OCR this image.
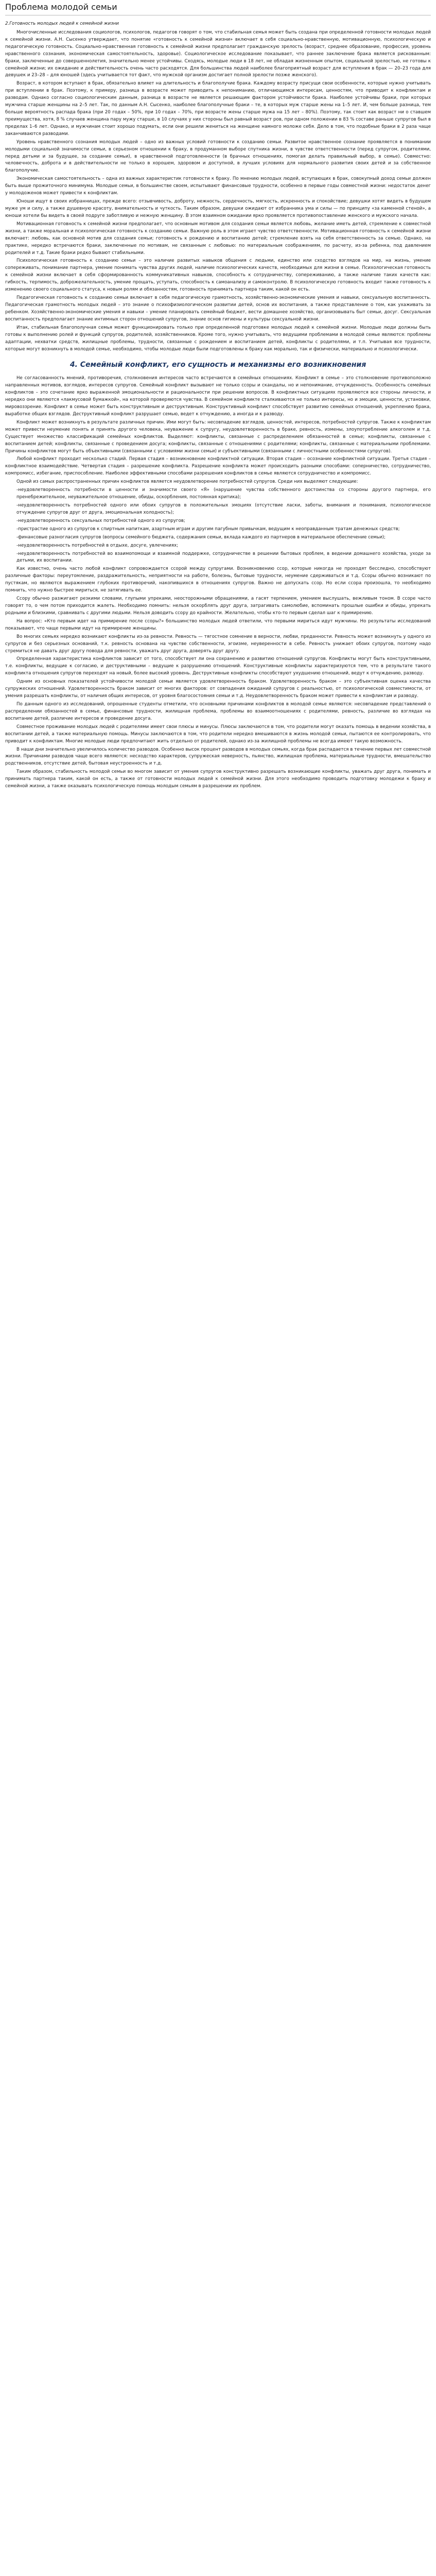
Проблема молодой семьи
2.Готовность молодых людей к семейной жизни

Многочисленные исследования социологов, психологов, педагогов говорят о том, что стабильная семья может быть создана при определенной готовности молодых людей к семейной жизни. А.Н. Сысенко утверждает, что понятие «готовность к семейной жизни» включает в себя социально-нравственную, мотивационную, психологическую и педагогическую готовность. Социально-нравственная готовность к семейной жизни предполагает гражданскую зрелость (возраст, среднее образование, профессия, уровень нравственного сознания, экономическая самостоятельность, здоровье). Социологическое исследование показывает, что раннее заключение брака является рискованным: браки, заключенные до совершеннолетия, значительно менее устойчивы. Сходясь, молодые люди в 18 лет, не обладая жизненным опытом, социальной зрелостью, не готовы к семейной жизни; их ожидание и действительность очень часто расходятся. Для большинства людей наиболее благоприятный возраст для вступления в брак — 20–23 года для девушек и 23–28 – для юношей (здесь учитывается тот факт, что мужской организм достигает полной зрелости позже женского).

Возраст, в котором вступают в брак, обязательно влияет на длительность и благополучие брака. Каждому возрасту присущи свои особенности, которые нужно учитывать при вступлении в брак. Поэтому, к примеру, разница в возрасте может приводить к непониманию, отличающимся интересам, ценностям, что приводит к конфликтам и разводам. Однако согласно социологическим данным, разница в возрасте не является решающим фактором устойчивости брака. Наиболее устойчивы браки, при которых мужчина старше женщины на 2–5 лет. Так, по данным А.Н. Сысенко, наиболее благополучные браки – те, в которых муж старше жены на 1–5 лет. И, чем больше разница, тем больше вероятность распада брака (при 20 годах – 50%, при 10 годах – 70%, при возрасте жены старше мужа на 15 лет – 80%). Поэтому, так стоит как возраст ни о ставшем преимущества, хотя, 8 % случаев женщина пару мужу старше, в 10 случаях у них стороны был равный возраст ров, при одном положении в 83 % составе раньше супругов был в пределах 1–6 лет. Однако, и мужчинам стоит хорошо подумать, если они решили жениться на женщине намного моложе себя. Дело в том, что подобные браки в 2 раза чаще заканчиваются разводами.

Уровень нравственного сознания молодых людей – одно из важных условий готовности к созданию семьи. Развитое нравственное сознание проявляется в понимании молодыми социальной значимости семьи, в серьезном отношении к браку, в продуманном выборе спутника жизни, в чувстве ответственности (перед супругом, родителями, перед детьми и за будущее, за создание семьи), в нравственной подготовленности (в брачных отношениях, помогая делать правильный выбор, в семье). Совместно: человечность, доброта и в действительности не только в хорошем, здоровом и доступной, в лучших условиях для нормального развития своих детей и за собственное благополучие.

Экономическая самостоятельность – одна из важных характеристик готовности к браку. По мнению молодых людей, вступающих в брак, совокупный доход семьи должен быть выше прожиточного минимума. Молодые семьи, в большинстве своем, испытывают финансовые трудности, особенно в первые годы совместной жизни: недостаток денег у молодоженов может привести к конфликтам.

Юноши ищут в своих избранницах, прежде всего: отзывчивость, доброту, нежность, сердечность, мягкость, искренность и спокойствие; девушки хотят видеть в будущем муже ум и силу, а также душевную красоту, внимательность и чуткость. Таким образом, девушки ожидают от избранника ума и силы — по принципу «за каменной стеной», а юноши хотели бы видеть в своей подруге заботливую и нежную женщину. В этом взаимном ожидании ярко проявляется противопоставление женского и мужского начала.

Мотивационная готовность к семейной жизни предполагает, что основным мотивом для создания семьи является любовь, желание иметь детей, стремление к совместной жизни, а также моральная и психологическая готовность к созданию семьи. Важную роль в этом играет чувство ответственности. Мотивационная готовность к семейной жизни включает: любовь, как основной мотив для создания семьи; готовность к рождению и воспитанию детей; стремление взять на себя ответственность за семью. Однако, на практике, нередко встречаются браки, заключенные по мотивам, не связанным с любовью: по материальным соображениям, по расчету, из-за ребенка, под давлением родителей и т.д. Такие браки редко бывают стабильными.

Психологическая готовность к созданию семьи – это наличие развитых навыков общения с людьми, единство или сходство взглядов на мир, на жизнь, умение сопереживать, понимание партнера, умение понимать чувства других людей, наличие психологических качеств, необходимых для жизни в семье. Психологическая готовность к семейной жизни включает в себя сформированность коммуникативных навыков, способность к сотрудничеству, сопереживанию, а также наличие таких качеств как: гибкость, терпимость, доброжелательность, умение прощать, уступать, способность к самоанализу и самоконтролю. В психологическую готовность входит также готовность к изменению своего социального статуса, к новым ролям и обязанностям, готовность принимать партнера таким, какой он есть.

Педагогическая готовность к созданию семьи включает в себя педагогическую грамотность, хозяйственно-экономические умения и навыки, сексуальную воспитанность. Педагогическая грамотность молодых людей – это знание о психофизиологическом развитии детей, основ их воспитания, а также представление о том, как ухаживать за ребенком. Хозяйственно-экономические умения и навыки – умение планировать семейный бюджет, вести домашнее хозяйство, организовывать быт семьи, досуг. Сексуальная воспитанность предполагает знание интимных сторон отношений супругов, знание основ гигиены и культуры сексуальной жизни.

Итак, стабильная благополучная семья может функционировать только при определенной подготовке молодых людей к семейной жизни. Молодые люди должны быть готовы к выполнению ролей и функций супругов, родителей, хозяйственников. Кроме того, нужно учитывать, что ведущими проблемами в молодой семье являются: проблемы адаптации, нехватки средств, жилищные проблемы, трудности, связанные с рождением и воспитанием детей, конфликты с родителями, и т.п. Учитывая все трудности, которые могут возникнуть в молодой семье, необходимо, чтобы молодые люди были подготовлены к браку как морально, так и физически, материально и психологически.

4. Семейный конфликт, его сущность и механизмы его возникновения

Не согласованность мнений, противоречия, столкновения интересов часто встречаются в семейных отношениях. Конфликт в семье – это столкновение противоположно направленных мотивов, взглядов, интересов супругов. Семейный конфликт вызывают не только ссоры и скандалы, но и непонимание, отчужденность. Особенность семейных конфликтов – это сочетание ярко выраженной эмоциональности и рациональности при решении вопросов. В конфликтных ситуациях проявляются все стороны личности, и нередко они являются «лакмусовой бумажкой», на которой проверяются чувства. В семейном конфликте сталкиваются не только интересы, но и эмоции, ценности, установки, мировоззрение. Конфликт в семье может быть конструктивным и деструктивным. Конструктивный конфликт способствует развитию семейных отношений, укреплению брака, выработке общих взглядов. Деструктивный конфликт разрушает семью, ведет к отчуждению, а иногда и к разводу.

Конфликт может возникнуть в результате различных причин. Ими могут быть: несовпадение взглядов, ценностей, интересов, потребностей супругов. Также к конфликтам может привести неумение понять и принять другого человека, неуважение к супругу, неудовлетворенность в браке, ревность, измены, злоупотребление алкоголем и т.д. Существует множество классификаций семейных конфликтов. Выделяют: конфликты, связанные с распределением обязанностей в семье; конфликты, связанные с воспитанием детей; конфликты, связанные с проведением досуга; конфликты, связанные с отношениями с родителями; конфликты, связанные с материальными проблемами. Причины конфликтов могут быть объективными (связанными с условиями жизни семьи) и субъективными (связанными с личностными особенностями супругов).

Любой конфликт проходит несколько стадий. Первая стадия – возникновение конфликтной ситуации. Вторая стадия – осознание конфликтной ситуации. Третья стадия – конфликтное взаимодействие. Четвертая стадия – разрешение конфликта. Разрешение конфликта может происходить разными способами: соперничество, сотрудничество, компромисс, избегание, приспособление. Наиболее эффективными способами разрешения конфликтов в семье являются сотрудничество и компромисс.

Одной из самых распространенных причин конфликтов является неудовлетворение потребностей супругов. Среди них выделяют следующие:

-неудовлетворенность потребности в ценности и значимости своего «Я» (нарушение чувства собственного достоинства со стороны другого партнера, его пренебрежительное, неуважительное отношение, обиды, оскорбления, постоянная критика);

-неудовлетворенность потребностей одного или обоих супругов в положительных эмоциях (отсутствие ласки, заботы, внимания и понимания, психологическое отчуждение супругов друг от друга, эмоциональная холодность);

-неудовлетворенность сексуальных потребностей одного из супругов;

-пристрастие одного из супругов к спиртным напиткам, азартным играм и другим пагубным привычкам, ведущим к неоправданным тратам денежных средств;

-финансовые разногласия супругов (вопросы семейного бюджета, содержания семьи, вклада каждого из партнеров в материальное обеспечение семьи);

-неудовлетворенность потребностей в отдыхе, досуге, увлечениях;

-неудовлетворенность потребностей во взаимопомощи и взаимной поддержке, сотрудничестве в решении бытовых проблем, в ведении домашнего хозяйства, уходе за детьми, их воспитании.

Как известно, очень часто любой конфликт сопровождается ссорой между супругами. Возникновению ссор, которые никогда не проходят бесследно, способствуют различные факторы: переутомление, раздражительность, неприятности на работе, болезнь, бытовые трудности, неумение сдерживаться и т.д. Ссоры обычно возникают по пустякам, но являются выражением глубоких противоречий, накопившихся в отношениях супругов. Важно не допускать ссор. Но если ссора произошла, то необходимо помнить, что нужно быстрее мириться, не затягивать ее.

Ссору обычно разжигают резкими словами, глупыми упреками, неосторожными обращениями, а гасят терпением, умением выслушать, вежливым тоном. В ссоре часто говорят то, о чем потом приходится жалеть. Необходимо помнить: нельзя оскорблять друг друга, затрагивать самолюбие, вспоминать прошлые ошибки и обиды, упрекать родными и близкими, сравнивать с другими людьми. Нельзя доводить ссору до крайности. Желательно, чтобы кто-то первым сделал шаг к примирению.

На вопрос: «Кто первым идет на примирение после ссоры?» большинство молодых людей ответили, что первыми мириться идут мужчины. Но результаты исследований показывают, что чаще первыми идут на примирение женщины.

Во многих семьях нередко возникают конфликты из-за ревности. Ревность — тягостное сомнение в верности, любви, преданности. Ревность может возникнуть у одного из супругов и без серьезных оснований, т.к. ревность основана на чувстве собственности, эгоизме, неуверенности в себе. Ревность унижает обоих супругов, поэтому надо стремиться не давать друг другу повода для ревности, уважать друг друга, доверять друг другу.

Определенная характеристика конфликтов зависит от того, способствует ли она сохранению и развитию отношений супругов. Конфликты могут быть конструктивными, т.е. конфликты, ведущие к согласию, и деструктивными – ведущие к разрушению отношений. Конструктивные конфликты характеризуются тем, что в результате такого конфликта отношения супругов переходят на новый, более высокий уровень. Деструктивные конфликты способствуют ухудшению отношений, ведут к отчуждению, разводу.

Одним из основных показателей устойчивости молодой семьи является удовлетворенность браком. Удовлетворенность браком – это субъективная оценка качества супружеских отношений. Удовлетворенность браком зависит от многих факторов: от совпадения ожиданий супругов с реальностью, от психологической совместимости, от умения разрешать конфликты, от наличия общих интересов, от уровня благосостояния семьи и т.д. Неудовлетворенность браком может привести к конфликтам и разводу.

По данным одного из исследований, опрошенные студенты отметили, что основными причинами конфликтов в молодой семье являются: несовпадение представлений о распределении обязанностей в семье, финансовые трудности, жилищная проблема, проблемы во взаимоотношениях с родителями, ревность, различие во взглядах на воспитание детей, различие интересов и проведение досуга.

Совместное проживание молодых людей с родителями имеет свои плюсы и минусы. Плюсы заключаются в том, что родители могут оказать помощь в ведении хозяйства, в воспитании детей, а также материальную помощь. Минусы заключаются в том, что родители нередко вмешиваются в жизнь молодой семьи, пытаются ее контролировать, что приводит к конфликтам. Многие молодые люди предпочитают жить отдельно от родителей, однако из-за жилищной проблемы не всегда имеют такую возможность.

В наши дни значительно увеличилось количество разводов. Особенно высок процент разводов в молодых семьях, когда брак распадается в течение первых лет совместной жизни. Причинами разводов чаще всего являются: несходство характеров, супружеская неверность, пьянство, жилищная проблема, материальные трудности, вмешательство родственников, отсутствие детей, бытовая неустроенность и т.д.

Таким образом, стабильность молодой семьи во многом зависит от умения супругов конструктивно разрешать возникающие конфликты, уважать друг друга, понимать и принимать партнера таким, какой он есть, а также от готовности молодых людей к семейной жизни. Для этого необходимо проводить подготовку молодежи к браку и семейной жизни, а также оказывать психологическую помощь молодым семьям в разрешении их проблем.
